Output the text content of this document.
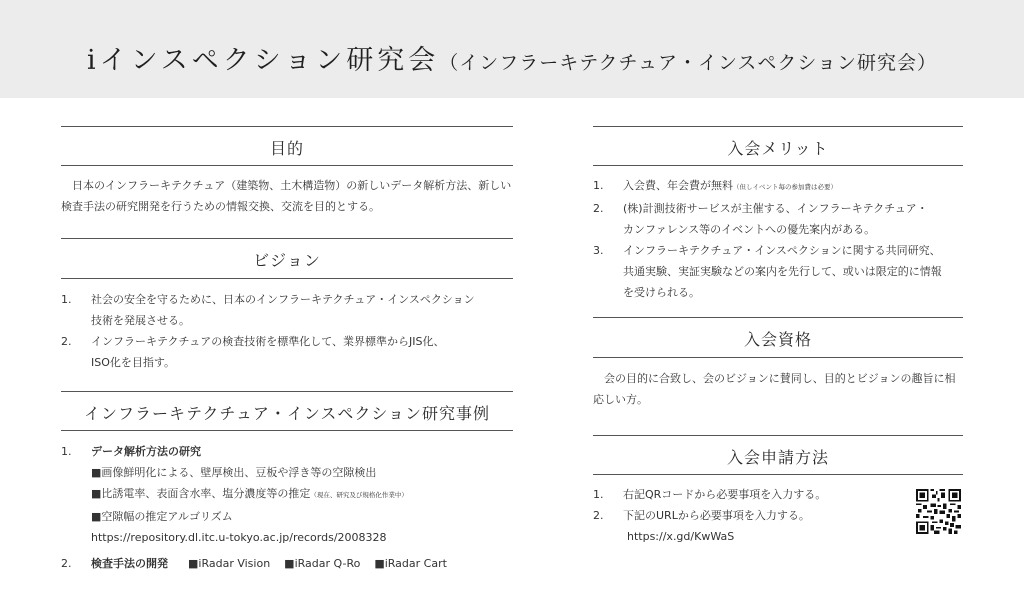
iインスペクション研究会（インフラーキテクチュア・インスペクション研究会）
目的
日本のインフラーキテクチュア（建築物、土木構造物）の新しいデータ解析方法、新しい検査手法の研究開発を行うための情報交換、交流を目的とする。
ビジョン
1. 社会の安全を守るために、日本のインフラーキテクチュア・インスペクション
技術を発展させる。
2. インフラーキテクチュアの検査技術を標準化して、業界標準からJIS化、
ISO化を目指す。
インフラーキテクチュア・インスペクション研究事例
1. データ解析方法の研究
■画像鮮明化による、壁厚検出、豆板や浮き等の空隙検出
■比誘電率、表面含水率、塩分濃度等の推定（現在、研究及び規格化作業中）
■空隙幅の推定アルゴリズム
https://repository.dl.itc.u-tokyo.ac.jp/records/2008328
2. 検査手法の開発 ■iRadar Vision ■iRadar Q-Ro ■iRadar Cart
入会メリット
1. 入会費、年会費が無料（但しイベント毎の参加費は必要）
2. (株)計測技術サービスが主催する、インフラーキテクチュア・
カンファレンス等のイベントへの優先案内がある。
3. インフラーキテクチュア・インスペクションに関する共同研究、
共通実験、実証実験などの案内を先行して、或いは限定的に情報
を受けられる。
入会資格
会の目的に合致し、会のビジョンに賛同し、目的とビジョンの趣旨に相応しい方。
入会申請方法
1. 右記QRコードから必要事項を入力する。
2. 下記のURLから必要事項を入力する。
https://x.gd/KwWaS
